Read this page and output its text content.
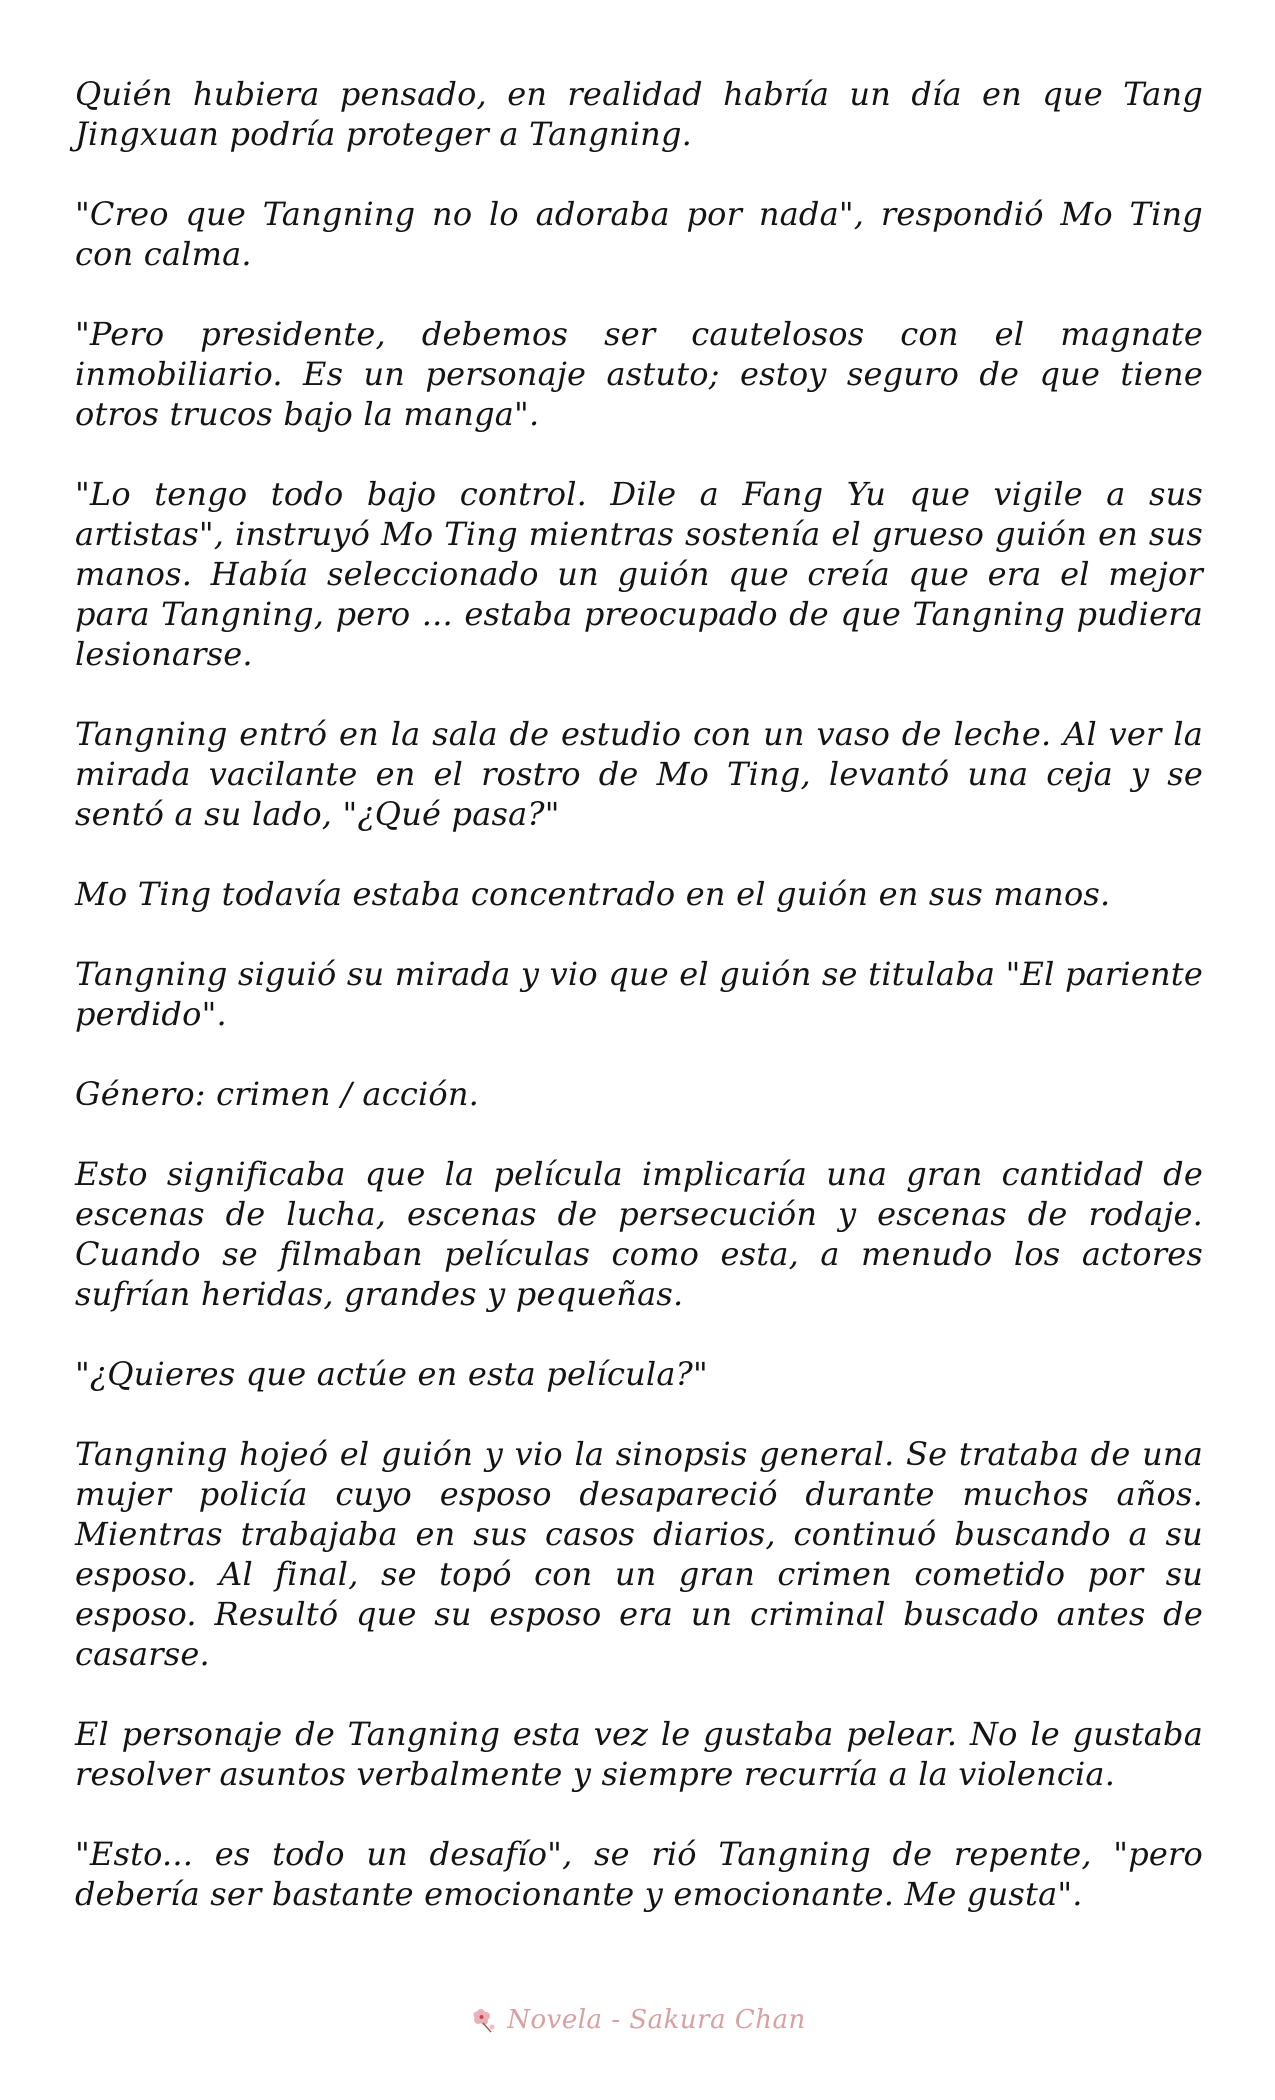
Quién hubiera pensado, en realidad habría un día en que Tang Jingxuan podría proteger a Tangning.

"Creo que Tangning no lo adoraba por nada", respondió Mo Ting con calma.

"Pero presidente, debemos ser cautelosos con el magnate inmobiliario. Es un personaje astuto; estoy seguro de que tiene otros trucos bajo la manga".

"Lo tengo todo bajo control. Dile a Fang Yu que vigile a sus artistas", instruyó Mo Ting mientras sostenía el grueso guión en sus manos. Había seleccionado un guión que creía que era el mejor para Tangning, pero ... estaba preocupado de que Tangning pudiera lesionarse.

Tangning entró en la sala de estudio con un vaso de leche. Al ver la mirada vacilante en el rostro de Mo Ting, levantó una ceja y se sentó a su lado, "¿Qué pasa?"

Mo Ting todavía estaba concentrado en el guión en sus manos.

Tangning siguió su mirada y vio que el guión se titulaba "El pariente perdido".

Género: crimen / acción.

Esto significaba que la película implicaría una gran cantidad de escenas de lucha, escenas de persecución y escenas de rodaje. Cuando se filmaban películas como esta, a menudo los actores sufrían heridas, grandes y pequeñas.

"¿Quieres que actúe en esta película?"

Tangning hojeó el guión y vio la sinopsis general. Se trataba de una mujer policía cuyo esposo desapareció durante muchos años. Mientras trabajaba en sus casos diarios, continuó buscando a su esposo. Al final, se topó con un gran crimen cometido por su esposo. Resultó que su esposo era un criminal buscado antes de casarse.

El personaje de Tangning esta vez le gustaba pelear. No le gustaba resolver asuntos verbalmente y siempre recurría a la violencia.

"Esto... es todo un desafío", se rió Tangning de repente, "pero debería ser bastante emocionante y emocionante. Me gusta".

Novela - Sakura Chan
